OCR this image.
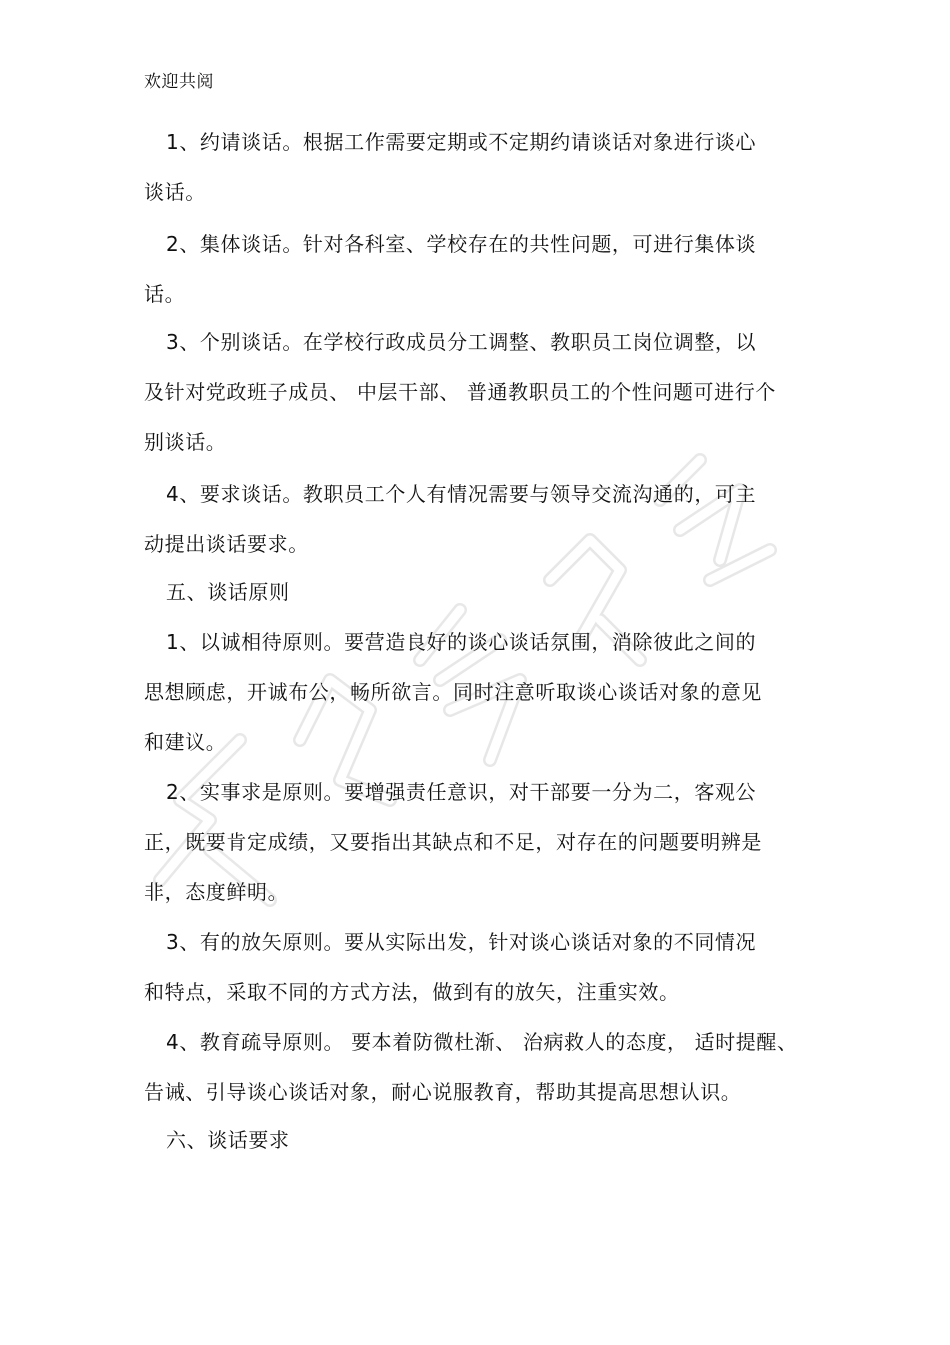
欢迎共阅
1、约请谈话。根据工作需要定期或不定期约请谈话对象进行谈心
谈话。
2、集体谈话。针对各科室、学校存在的共性问题，可进行集体谈
话。
3、个别谈话。在学校行政成员分工调整、教职员工岗位调整，以
及针对党政班子成员、 中层干部、 普通教职员工的个性问题可进行个
别谈话。
4、要求谈话。教职员工个人有情况需要与领导交流沟通的，可主
动提出谈话要求。
五、谈话原则
1、以诚相待原则。要营造良好的谈心谈话氛围，消除彼此之间的
思想顾虑，开诚布公，畅所欲言。同时注意听取谈心谈话对象的意见
和建议。
2、实事求是原则。要增强责任意识，对干部要一分为二，客观公
正，既要肯定成绩，又要指出其缺点和不足，对存在的问题要明辨是
非，态度鲜明。
3、有的放矢原则。要从实际出发，针对谈心谈话对象的不同情况
和特点，采取不同的方式方法，做到有的放矢，注重实效。
4、教育疏导原则。 要本着防微杜渐、 治病救人的态度， 适时提醒、
告诫、引导谈心谈话对象，耐心说服教育，帮助其提高思想认识。
六、谈话要求
